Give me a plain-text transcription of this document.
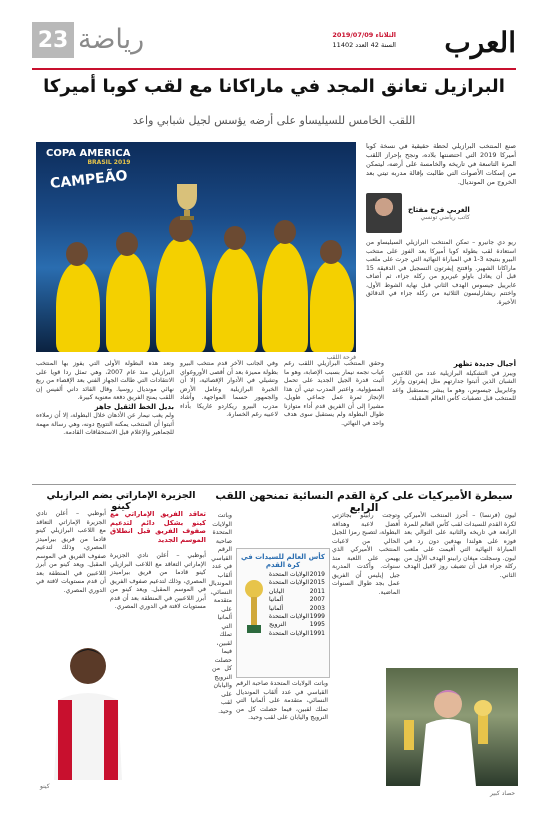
23 رياضة	العرب
الثلاثاء 2019/07/09
السنة 42 العدد 11402
البرازيل تعانق المجد في ماراكانا مع لقب كوبا أميركا
اللقب الخامس للسيليساو على أرضه يؤسس لجيل شبابي واعد
COPA AMERICA
BRASIL 2019
CAMPEÃO
فرحة اللقب
صنع المنتخب البرازيلي لحظة حقيقية في نسخة كوبا أميركا 2019 التي احتضنتها بلاده، ونجح بإحراز اللقب المرة التاسعة في تاريخه والخامسة على أرضه، ليتمكن من إسكات الأصوات التي طالبت بإقالة مدربه تيتي بعد الخروج من المونديال.
الغربي فرح مفتاح
كاتب رياضي تونسي
ريو دي جانيرو – تمكن المنتخب البرازيلي السيليساو من استعادة لقب بطولة كوبا أميركا بعد الفوز على منتخب البيرو بنتيجة 3-1 في المباراة النهائية التي جرت على ملعب ماراكانا الشهير. وافتتح إيفرتون التسجيل في الدقيقة 15 قبل أن يعادل باولو غيريرو من ركلة جزاء، ثم أضاف غابرييل جيسوس الهدف الثاني قبل نهاية الشوط الأول، واختتم ريشارليسون الثلاثية من ركلة جزاء في الدقائق الأخيرة.
وحقق المنتخب البرازيلي اللقب رغم غياب نجمه نيمار بسبب الإصابة، وهو ما أثبت قدرة الجيل الجديد على تحمل المسؤولية. واعتبر المدرب تيتي أن هذا الإنجاز ثمرة عمل جماعي طويل، مشيرا إلى أن الفريق قدم أداء متوازنا طوال البطولة ولم يستقبل سوى هدف واحد في النهائي.
وفي الجانب الآخر قدم منتخب البيرو بطولة مميزة بعد أن أقصى الأوروغواي وتشيلي في الأدوار الإقصائية، إلا أن الخبرة البرازيلية وعامل الأرض والجمهور حسما المواجهة. وأشاد مدرب البيرو ريكاردو غاريكا بأداء لاعبيه رغم الخسارة.
وتعد هذه البطولة الأولى التي يفوز بها المنتخب البرازيلي منذ عام 2007، وهي تمثل ردا قويا على الانتقادات التي طالت الجهاز الفني بعد الإقصاء من ربع نهائي مونديال روسيا. وقال القائد داني ألفيس إن اللقب يمنح الفريق دفعة معنوية كبيرة.
بديل الخط الثقيل جاهز
ولم يغب نيمار عن الأذهان خلال البطولة، إلا أن زملاءه أثبتوا أن المنتخب يمكنه التتويج دونه، وهي رسالة مهمة للجماهير والإعلام قبل الاستحقاقات القادمة.
أجيال جديدة تظهر
ويبرز في التشكيلة البرازيلية عدد من اللاعبين الشبان الذين أثبتوا جدارتهم مثل إيفرتون وآرثر وغابرييل جيسوس، وهو ما يبشر بمستقبل واعد للمنتخب قبل تصفيات كأس العالم المقبلة.
الجزيرة الإماراتي يضم البرازيلي كينو
تعاقد الفريق الإماراتي مع كينو بشكل دائم لتدعيم صفوف الفريق قبل انطلاق الموسم الجديد
أبوظبي – أعلن نادي الجزيرة الإماراتي التعاقد مع اللاعب البرازيلي كينو قادما من فريق بيراميدز المصري، وذلك لتدعيم صفوف الفريق في الموسم المقبل. ويعد كينو من أبرز اللاعبين في المنطقة بعد أن قدم مستويات لافتة في الدوري المصري.
أبوظبي – أعلن نادي الجزيرة الإماراتي التعاقد مع اللاعب البرازيلي كينو قادما من فريق بيراميدز المصري، وذلك لتدعيم صفوف الفريق في الموسم المقبل. ويعد كينو من أبرز اللاعبين في المنطقة بعد أن قدم مستويات لافتة في الدوري المصري.
كينو
سيطرة الأميركيات على كرة القدم النسائية تمنحهن اللقب الرابع
ليون (فرنسا) – أحرز المنتخب الأميركي لكرة القدم للسيدات لقب كأس العالم للمرة الرابعة في تاريخه والثانية على التوالي بعد فوزه على هولندا بهدفين دون رد في المباراة النهائية التي أقيمت على ملعب ليون. وسجلت ميغان رابينو الهدف الأول من ركلة جزاء قبل أن تضيف روز لافيل الهدف الثاني.
وتوجت رابينو بجائزتي أفضل لاعبة وهدافة البطولة، لتصبح رمزا للجيل الحالي من لاعبات المنتخب الأميركي الذي يهيمن على اللعبة منذ سنوات. وأكدت المدربة جيل إيليس أن الفريق عمل بجد طوال السنوات الماضية.
وباتت الولايات المتحدة صاحبة الرقم القياسي في عدد ألقاب المونديال النسائي، متقدمة على ألمانيا التي تملك لقبين، فيما حصلت كل من النرويج واليابان على لقب وحيد.
وباتت الولايات المتحدة صاحبة الرقم القياسي في عدد ألقاب المونديال النسائي، متقدمة على ألمانيا التي تملك لقبين، فيما حصلت كل من النرويج واليابان على لقب وحيد.
كأس العالم للسيدات في كرة القدم
2019
الولايات المتحدة
2015
الولايات المتحدة
2011
اليابان
2007
ألمانيا
2003
ألمانيا
1999
الولايات المتحدة
1995
النرويج
1991
الولايات المتحدة
حصاد كبير
